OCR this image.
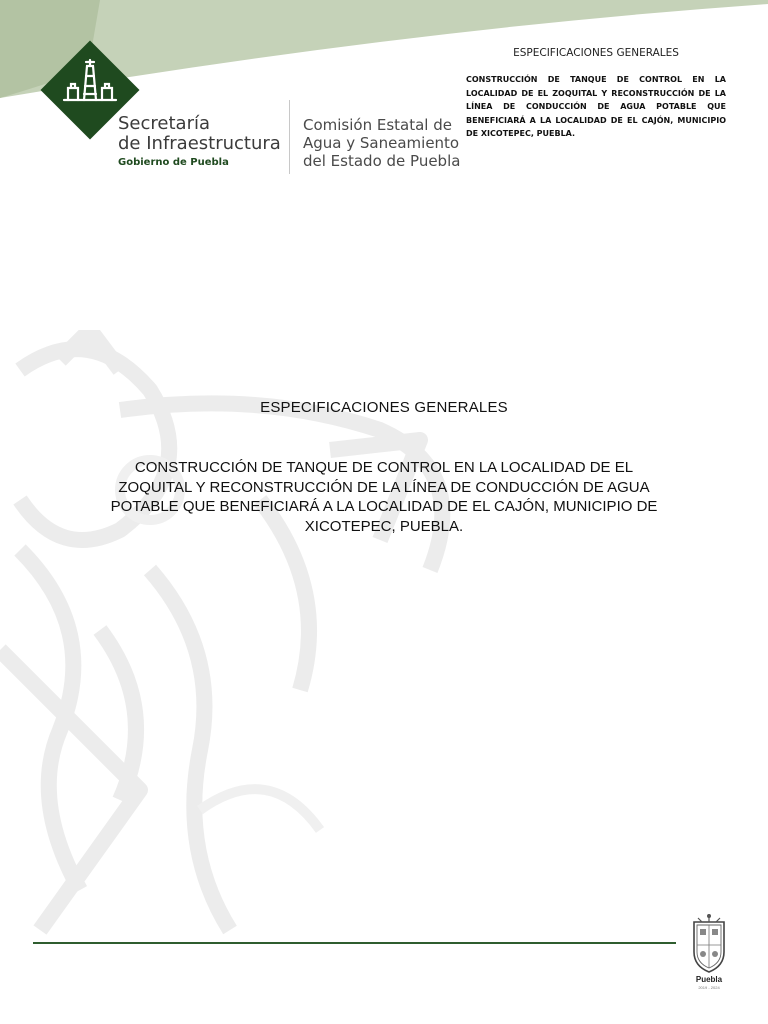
Secretaría
de Infraestructura
Gobierno de Puebla
Comisión Estatal de
Agua y Saneamiento
del Estado de Puebla
ESPECIFICACIONES GENERALES
CONSTRUCCIÓN DE TANQUE DE CONTROL EN LA LOCALIDAD DE EL ZOQUITAL Y RECONSTRUCCIÓN DE LA LÍNEA DE CONDUCCIÓN DE AGUA POTABLE QUE BENEFICIARÁ A LA LOCALIDAD DE EL CAJÓN, MUNICIPIO DE XICOTEPEC, PUEBLA.
ESPECIFICACIONES GENERALES
CONSTRUCCIÓN DE TANQUE DE CONTROL EN LA LOCALIDAD DE EL ZOQUITAL Y RECONSTRUCCIÓN DE LA LÍNEA DE CONDUCCIÓN DE AGUA POTABLE QUE BENEFICIARÁ A LA LOCALIDAD DE EL CAJÓN, MUNICIPIO DE XICOTEPEC, PUEBLA.
Puebla
2019 - 2024
